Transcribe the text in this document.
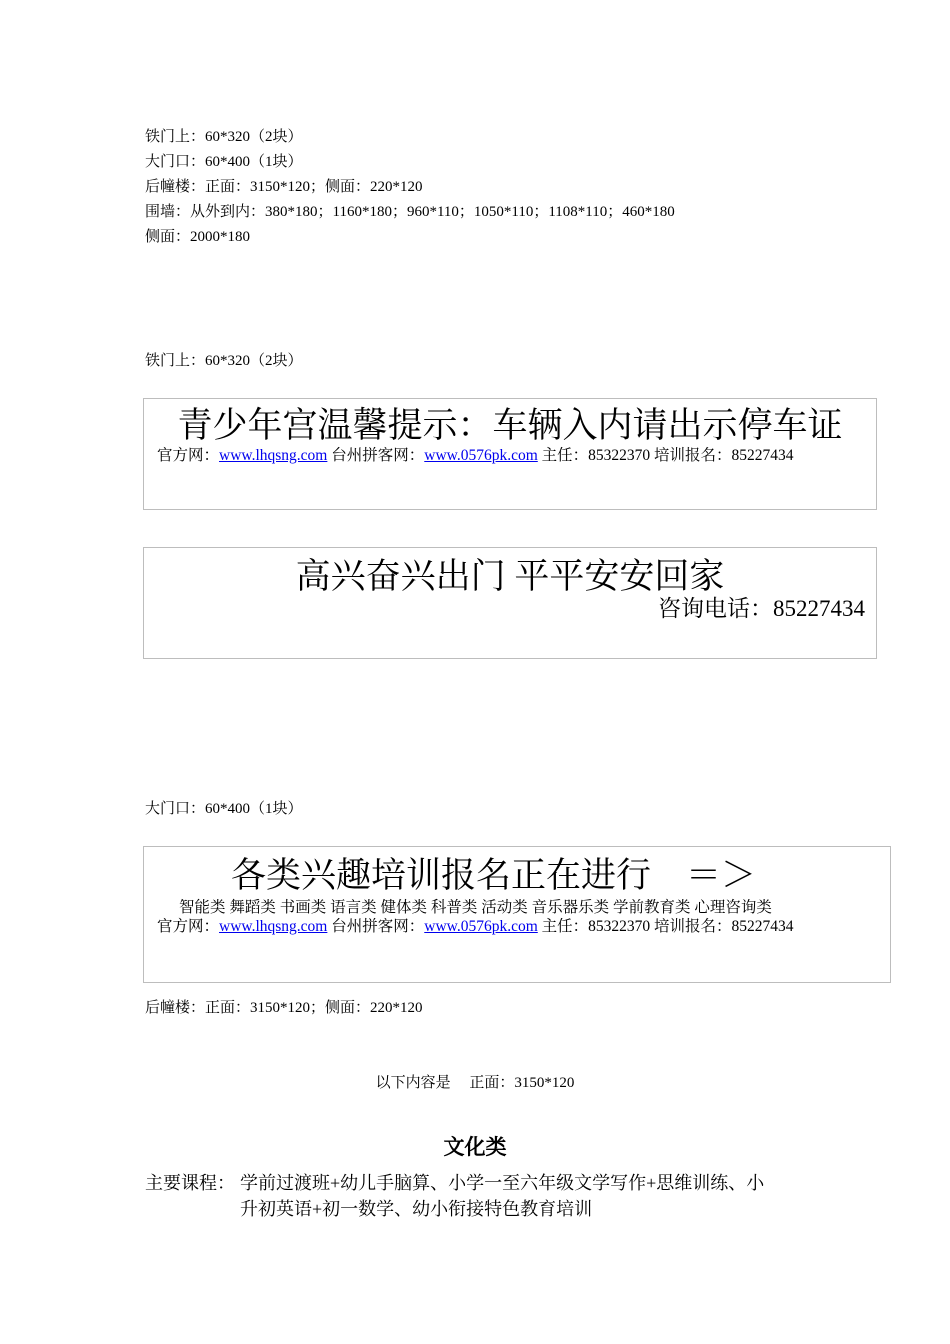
铁门上：60*320（2块）
大门口：60*400（1块）
后幢楼：正面：3150*120；侧面：220*120
围墙：从外到内：380*180；1160*180；960*110；1050*110；1108*110；460*180
侧面：2000*180
铁门上：60*320（2块）
青少年宫温馨提示：车辆入内请出示停车证
官方网：www.lhqsng.com 台州拼客网：www.0576pk.com 主任：85322370 培训报名：85227434
高兴奋兴出门 平平安安回家
咨询电话：85227434
大门口：60*400（1块）
各类兴趣培训报名正在进行　＝＞
智能类 舞蹈类 书画类 语言类 健体类 科普类 活动类 音乐器乐类 学前教育类 心理咨询类
官方网：www.lhqsng.com 台州拼客网：www.0576pk.com 主任：85322370 培训报名：85227434
后幢楼：正面：3150*120；侧面：220*120
以下内容是　 正面：3150*120
文化类
主要课程： 学前过渡班+幼儿手脑算、小学一至六年级文学写作+思维训练、小
升初英语+初一数学、幼小衔接特色教育培训
